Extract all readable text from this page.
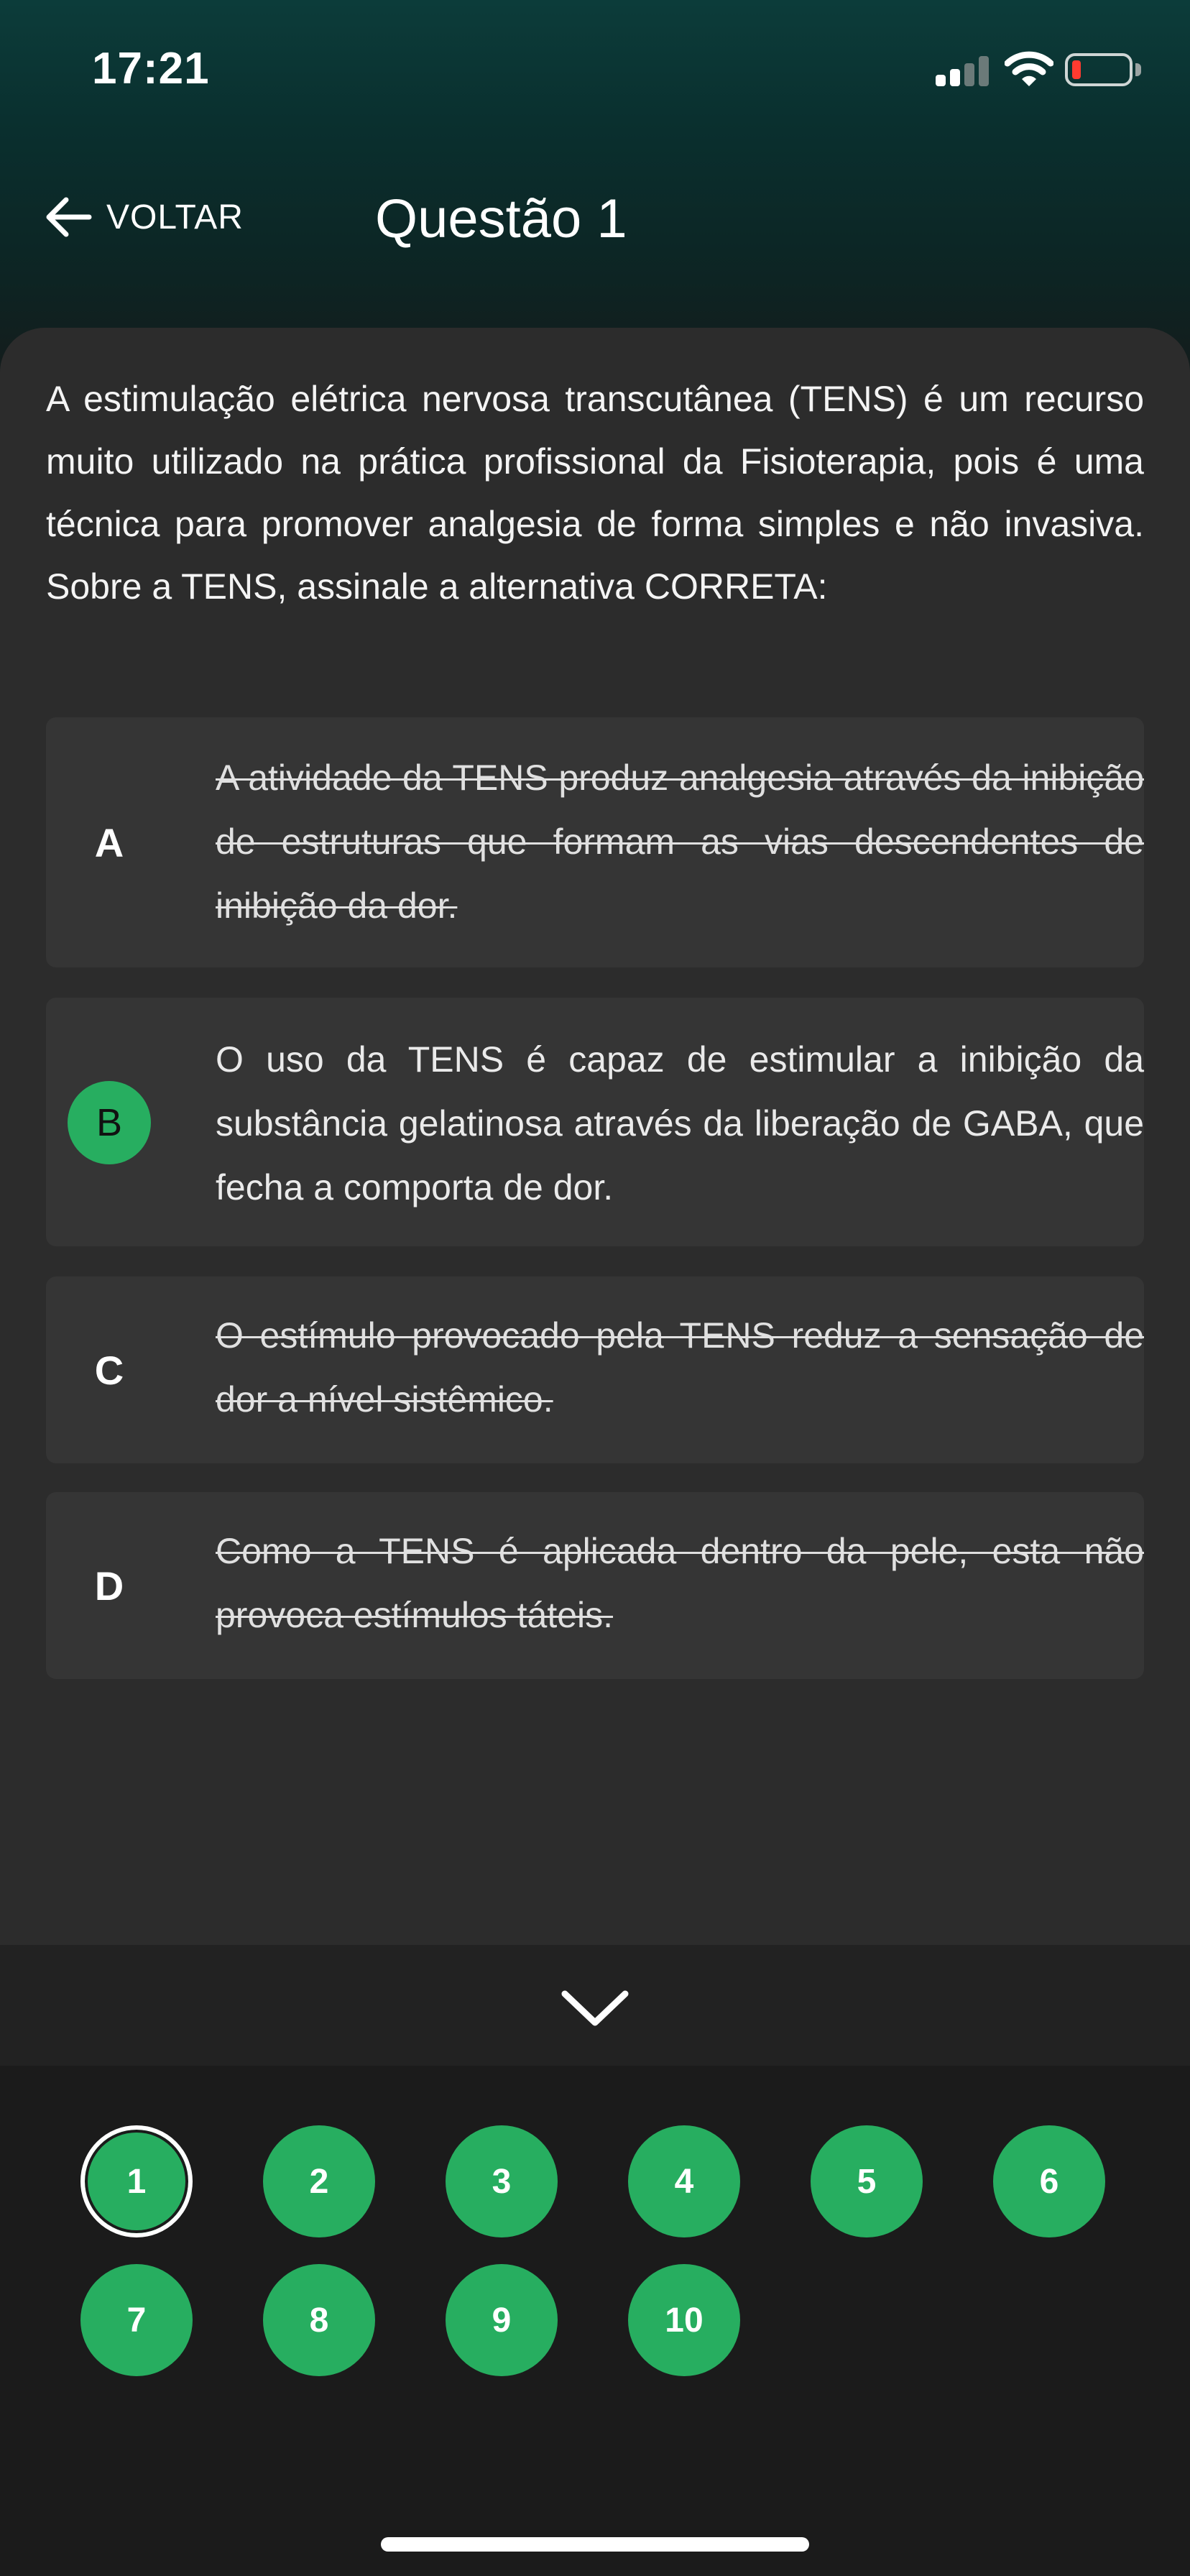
17:21
VOLTAR Questão 1
A estimulação elétrica nervosa transcutânea (TENS) é um recurso muito utilizado na prática profissional da Fisioterapia, pois é uma técnica para promover analgesia de forma simples e não invasiva. Sobre a TENS, assinale a alternativa CORRETA:
A
A atividade da TENS produz analgesia através da inibição de estruturas que formam as vias descendentes de inibição da dor.
B
O uso da TENS é capaz de estimular a inibição da substância gelatinosa através da liberação de GABA, que fecha a comporta de dor.
C
O estímulo provocado pela TENS reduz a sensação de dor a nível sistêmico.
D
Como a TENS é aplicada dentro da pele, esta não provoca estímulos táteis.
1	2	3	4	5	6
7	8	9	10
